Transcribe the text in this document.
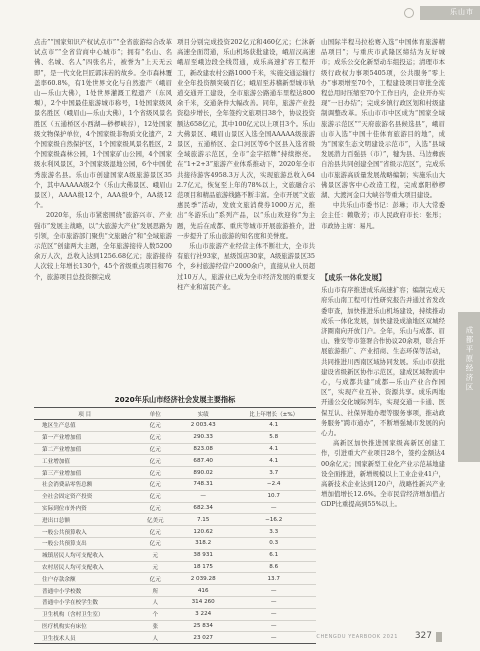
乐山市
点击”“国家知识产权试点市”“全省旅游综合改革试点市”“全省营商中心城市”；拥有“名山、名佛、名城、名人”四张名片，被誉为“上天无云即”，是一代文化巨匠郭沫若的故乡。全市森林覆盖率60.8%，有1处世界文化与自然遗产（峨眉山—乐山大佛），1处世界灌溉工程遗产（东风堰），2个中国最佳旅游城市称号，1处国家级风景名胜区（峨眉山—乐山大佛），1个省级风景名胜区（五通桥区小西湖—桫椤峡谷），12处国家级文物保护单位，4个国家级非物质文化遗产，2个国家级自然保护区，1个国家级风景名胜区，2个国家级森林公园，1个国家矿山公园，4个国家级水利风景区，3个国家级湿地公园，6个中国优秀旅游名县。乐山市创建国家A级旅游景区35个，其中AAAAA级2个（乐山大佛景区、峨眉山景区），AAAA级12个，AAA级9个，AA级12个。
2020年，乐山市紧密围绕“旅游兴市、产业强市”发展主战略，以“大旅游大产业”发展思路为引领，全市旅游部门聚焦“文旅融合”和“全域旅游示范区”创建两大主题，全年旅游接待人数5200余万人次，总收入达到1256.68亿元；旅游接待人次较上年增长130个，45个省级重点项目和76个，旅游项目总投资额完成
项目分别完成投资202亿元和460亿元；仁沐新高速全面贯通，乐山机场获批建设，峨眉汉高速峨眉至峨边段全线贯通，成乐高速扩容工程开工，新改建农村公路1000千米，实施交通运输行业全年投资额突破百亿；峨眉至苏稽新型城市轨道交通开工建设，全市旅游公路通车里程达800余千米，交通条件大幅改善。同年，旅游产业投资稳步增长，全年签约文旅项目38个，协议投资额达658亿元，其中100亿元以上项目3个。乐山大佛景区、峨眉山景区入选全国AAAAA级旅游景区，五通桥区、金口河区等6个区县入选省级全域旅游示范区，全市“金字招牌”持续擦亮。在“1+2+3”旅游产业体系推动下，2020年全市共接待游客4958.3万人次，实现旅游总收入642.7亿元，恢复至上年的78%以上，文旅融合示范项目和精品旅游线路不断丰富。全市开展“文旅惠民季”活动，发放文旅消费券1000万元，推出“冬游乐山”系列产品，以“乐山欢迎你”为主题，先后在成都、重庆等城市开展旅游推介，进一步提升了乐山旅游的知名度和美誉度。
乐山市旅游产业经营主体不断壮大，全市共有旅行社93家，星级饭店30家，A级旅游景区35个，乡村旅游经营户2000余户，直接从业人员超过10万人，旅游业已成为全市经济发展的重要支柱产业和富民产业。
山国际半程马拉松赛入选“中国体育旅游精品项目”；与重庆市武隆区缔结为友好城市；成乐公交化新型动车组投运；清理市本级行政权力事项5405项，公共服务“零上办”事项增至70个，工程建设项目审批全流程总用时压缩至70个工作日内，企业开办实现“一日办结”；完成乡镇行政区划和村级建制调整改革。乐山市市中区成为“国家全域旅游示范区”“天府旅游名县候选县”，峨眉山市入选“中国十佳体育旅游目的地”，成为“国家生态文明建设示范市”，入选“县域发展潜力百强县（市）”，犍为县、马边彝族自治县共同创建全国“省级示范区”，完成乐山市旅游高质量发展战略编制；实施乐山大佛景区游客中心改造工程，完成嘉阳桫椤湖、大渡河金口大峡谷等重大项目建设。
中共乐山市委书记：彭琳；市人大常委会主任：赖敬芳；市人民政府市长：张彤；市政协主席：易凡。
【成乐一体化发展】
乐山市有序推进成乐高速扩容；编制完成天府乐山南工程可行性研究报告并通过省发改委审查，加快推进乐山机场建设，持续推动成乐一体化发展，加快建设成渝地区双城经济圈南向开放门户。全年，乐山与成都、眉山、雅安等市签署合作协议20余项，联合开展旅游推广、产业招商、生态环保等活动，共同推进川西南区域协同发展。乐山市获批建设省级新区协作示范区，建成区域物流中心，与成都共建“成都—乐山产业合作园区”，实现产业互补、资源共享。成乐两地开通公交化城际列车，实现交通一卡通、医保互认、社保异地办理等服务事项，推动政务服务“跨市通办”，不断增强城市发展的向心力。
高新区加快推进国家级高新区创建工作，引进重大产业项目28个，签约金额达400余亿元；国家新型工业化产业示范基地建设全面推进，新增规模以上工业企业41户，高新技术企业达到120户，战略性新兴产业增加值增长12.6%。全市民营经济增加值占GDP比重提高到55%以上。
2020年乐山市经济社会发展主要指标
项 目	单位	实绩	比上年增长（±%）
地区生产总值	亿元	2 003.43	4.1
第一产业增加值	亿元	290.33	5.8
第二产业增加值	亿元	823.08	4.1
工业增加值	亿元	687.40	4.1
第三产业增加值	亿元	890.02	3.7
社会消费品零售总额	亿元	748.31	−2.4
全社会固定资产投资	亿元	—	10.7
实际到位市外内资	亿元	682.34	—
进出口总额	亿美元	7.15	−16.2
一般公共预算收入	亿元	120.62	3.3
一般公共预算支出	亿元	318.2	0.3
城镇居民人均可支配收入	元	38 931	6.1
农村居民人均可支配收入	元	18 175	8.6
住户存款余额	亿元	2 039.28	13.7
普通中小学校数	所	416	—
普通中小学在校学生数	人	314 260	—
卫生机构（含村卫生室）	个	3 224	—
医疗机构实有床位	张	25 834	—
卫生技术人员	人	23 027	—
成都平原经济区
CHENGDU YEARBOOK 2021 327
